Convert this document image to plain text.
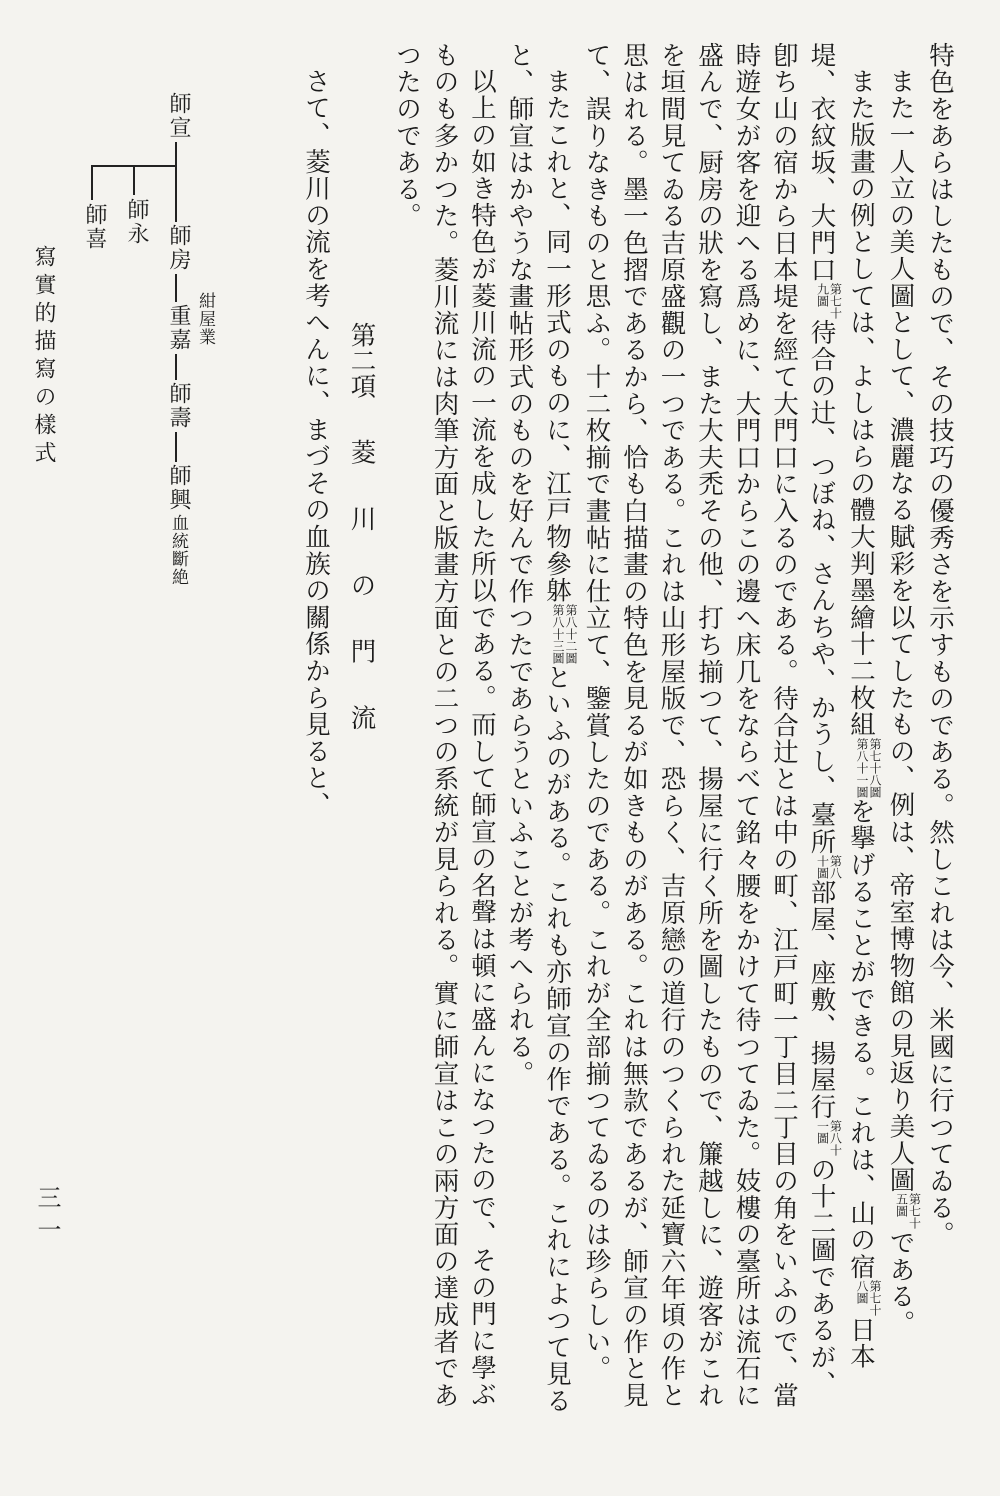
特色をあらはしたもので、その技巧の優秀さを示すものである。然しこれは今、米國に行つてゐる。

また一人立の美人圖として、濃麗なる賦彩を以てしたもの、例は、帝室博物館の見返り美人圖
第七十
五圖
である。

また版畫の例としては、よしはらの體大判墨繪十二枚組
第七十八圖
第八十一圖
を擧げることができる。これは、山の宿
第七十
八圖
日本堤、衣紋坂、大門口
第七十
九圖
待合の辻、つぼね、さんちや、かうし、臺所
第八
十圖
部屋、座敷、揚屋行
第八十
一圖
の十二圖であるが、卽ち山の宿から日本堤を經て大門口に入るのである。待合辻とは中の町、江戸町一丁目二丁目の角をいふので、當時遊女が客を迎へる爲めに、大門口からこの邊へ床几をならべて銘々腰をかけて待つてゐた。妓樓の臺所は流石に盛んで、厨房の狀を寫し、また大夫禿その他、打ち揃つて、揚屋に行く所を圖したもので、簾越しに、遊客がこれを垣間見てゐる吉原盛觀の一つである。これは山形屋版で、恐らく、吉原戀の道行のつくられた延寶六年頃の作と思はれる。墨一色摺であるから、恰も白描畫の特色を見るが如きものがある。これは無款であるが、師宣の作と見て、誤りなきものと思ふ。十二枚揃で畫帖に仕立て、鑒賞したのである。これが全部揃つてゐるのは珍らしい。

またこれと、同一形式のものに、江戸物參躰
第八十二圖
第八十三圖
といふのがある。これも亦師宣の作である。これによつて見ると、師宣はかやうな畫帖形式のものを好んで作つたであらうといふことが考へられる。

以上の如き特色が菱川流の一流を成した所以である。而して師宣の名聲は頓に盛んになつたので、その門に學ぶものも多かつた。菱川流には肉筆方面と版畫方面との二つの系統が見られる。實に師宣はこの兩方面の達成者であつたのである。

第二項菱川の門流

さて、菱川の流を考へんに、まづその血族の關係から見ると、

師宣
師房
重嘉 紺屋業
師壽
師興
血統斷絶
師永
師喜
寫實的描寫の樣式
三一
